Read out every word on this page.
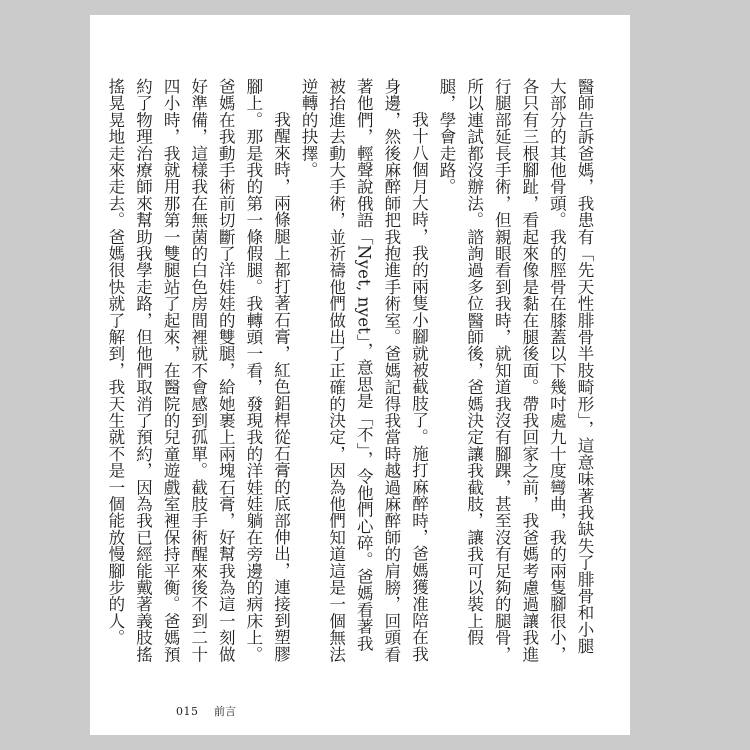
醫師告訴爸媽，我患有「先天性腓骨半肢畸形」，這意味著我缺失了腓骨和小腿大部分的其他骨頭。我的脛骨在膝蓋以下幾吋處九十度彎曲，我的兩隻腳很小，各只有三根腳趾，看起來像是黏在腿後面。帶我回家之前，我爸媽考慮過讓我進行腿部延長手術，但親眼看到我時，就知道我沒有腳踝，甚至沒有足夠的腿骨，所以連試都沒辦法。諮詢過多位醫師後，爸媽決定讓我截肢，讓我可以裝上假腿，學會走路。

我十八個月大時，我的兩隻小腳就被截肢了。施打麻醉時，爸媽獲准陪在我身邊，然後麻醉師把我抱進手術室。爸媽記得我當時越過麻醉師的肩膀，回頭看著他們，輕聲說俄語「Nyet, nyet」，意思是「不」，令他們心碎。爸媽看著我被抬進去動大手術，並祈禱他們做出了正確的決定，因為他們知道這是一個無法逆轉的抉擇。

我醒來時，兩條腿上都打著石膏，紅色鋁桿從石膏的底部伸出，連接到塑膠腳上。那是我的第一條假腿。我轉頭一看，發現我的洋娃娃躺在旁邊的病床上。爸媽在我動手術前切斷了洋娃娃的雙腿，給她裹上兩塊石膏，好幫我為這一刻做好準備，這樣我在無菌的白色房間裡就不會感到孤單。截肢手術醒來後不到二十四小時，我就用那第一雙腿站了起來，在醫院的兒童遊戲室裡保持平衡。爸媽預約了物理治療師來幫助我學走路，但他們取消了預約，因為我已經能戴著義肢搖搖晃晃地走來走去。爸媽很快就了解到，我天生就不是一個能放慢腳步的人。

015 前言
